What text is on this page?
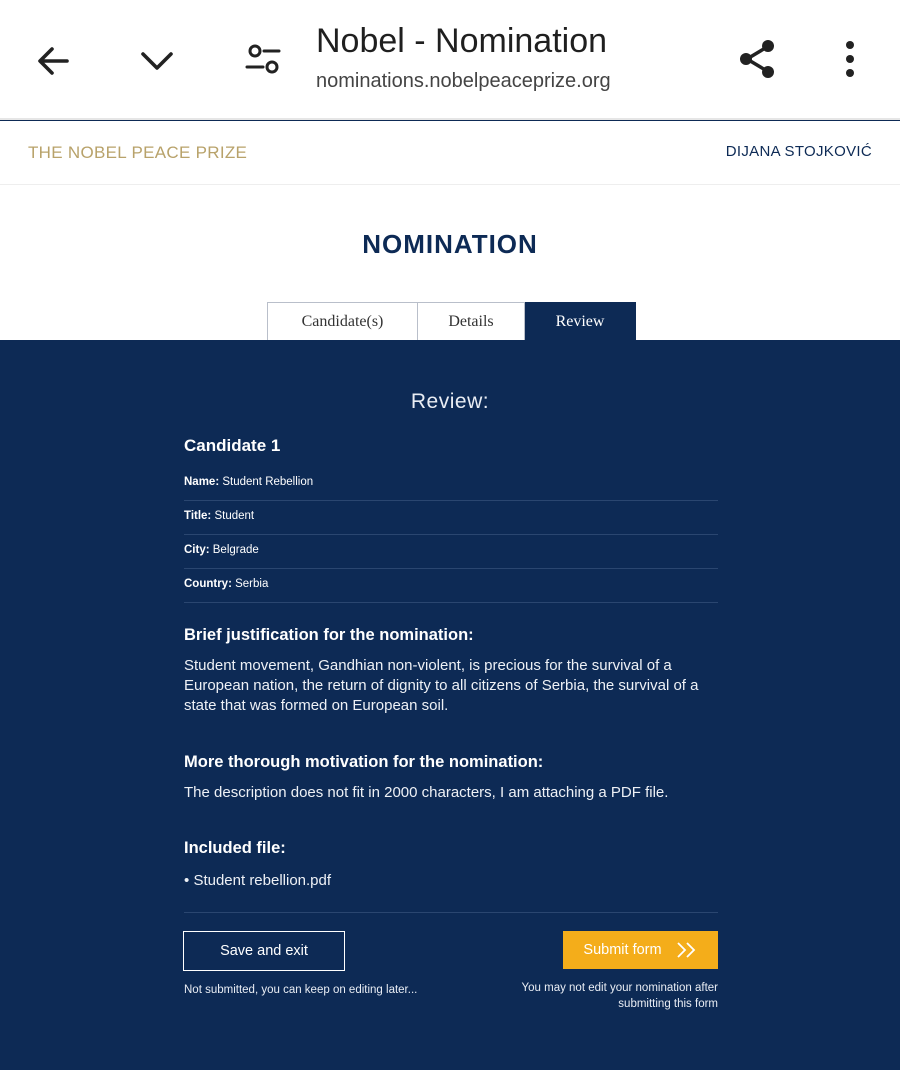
Nobel - Nomination
nominations.nobelpeaceprize.org
THE NOBEL PEACE PRIZE	DIJANA STOJKOVIĆ
NOMINATION
Candidate(s)	Details	Review
Review:
Candidate 1
Name: Student Rebellion
Title: Student
City: Belgrade
Country: Serbia
Brief justification for the nomination:
Student movement, Gandhian non-violent, is precious for the survival of a European nation, the return of dignity to all citizens of Serbia, the survival of a state that was formed on European soil.
More thorough motivation for the nomination:
The description does not fit in 2000 characters, I am attaching a PDF file.
Included file:
• Student rebellion.pdf
Save and exit	Submit form
Not submitted, you can keep on editing later...	You may not edit your nomination after submitting this form
